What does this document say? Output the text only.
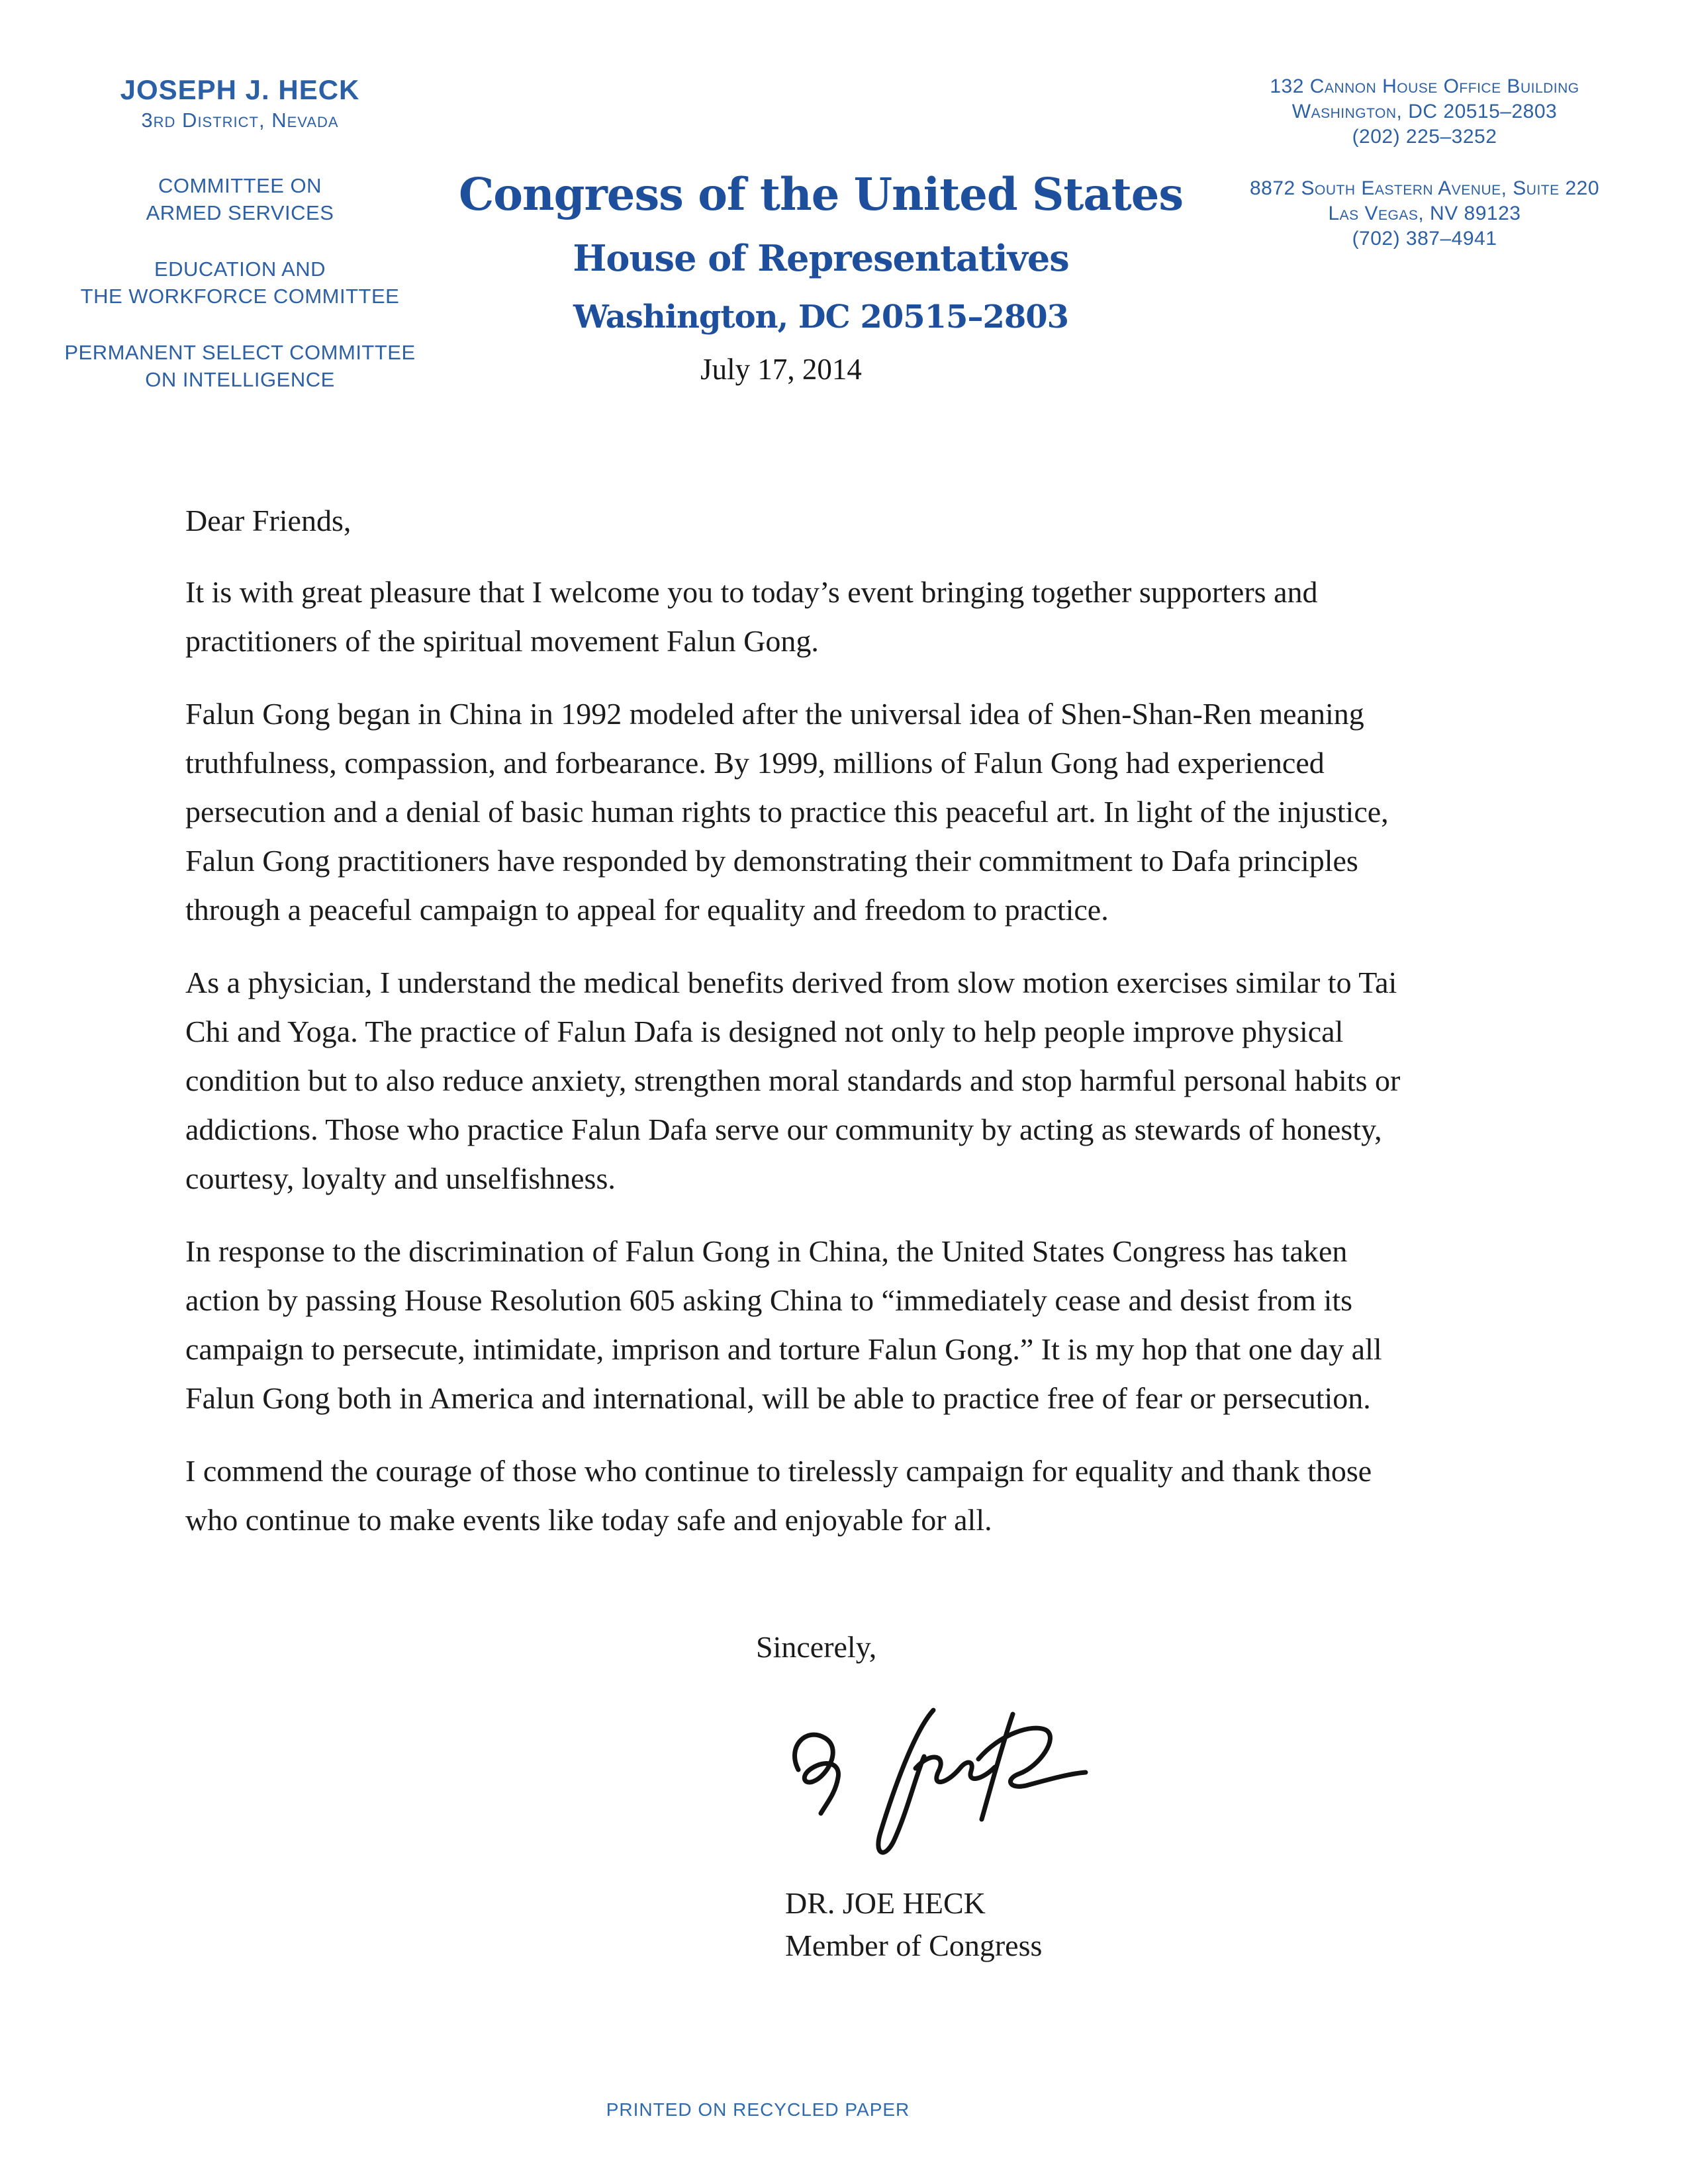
JOSEPH J. HECK
3rd District, Nevada
COMMITTEE ON
ARMED SERVICES
EDUCATION AND
THE WORKFORCE COMMITTEE
PERMANENT SELECT COMMITTEE
ON INTELLIGENCE
Congress of the United States
House of Representatives
Washington, DC 20515–2803
July 17, 2014
132 Cannon House Office Building
Washington, DC 20515–2803
(202) 225–3252
8872 South Eastern Avenue, Suite 220
Las Vegas, NV 89123
(702) 387–4941

Dear Friends,

It is with great pleasure that I welcome you to today’s event bringing together supporters and practitioners of the spiritual movement Falun Gong.

Falun Gong began in China in 1992 modeled after the universal idea of Shen-Shan-Ren meaning truthfulness, compassion, and forbearance. By 1999, millions of Falun Gong had experienced persecution and a denial of basic human rights to practice this peaceful art. In light of the injustice, Falun Gong practitioners have responded by demonstrating their commitment to Dafa principles through a peaceful campaign to appeal for equality and freedom to practice.

As a physician, I understand the medical benefits derived from slow motion exercises similar to Tai Chi and Yoga. The practice of Falun Dafa is designed not only to help people improve physical condition but to also reduce anxiety, strengthen moral standards and stop harmful personal habits or addictions. Those who practice Falun Dafa serve our community by acting as stewards of honesty, courtesy, loyalty and unselfishness.

In response to the discrimination of Falun Gong in China, the United States Congress has taken action by passing House Resolution 605 asking China to “immediately cease and desist from its campaign to persecute, intimidate, imprison and torture Falun Gong.” It is my hop that one day all Falun Gong both in America and international, will be able to practice free of fear or persecution.

I commend the courage of those who continue to tirelessly campaign for equality and thank those who continue to make events like today safe and enjoyable for all.

Sincerely,

DR. JOE HECK
Member of Congress
PRINTED ON RECYCLED PAPER
